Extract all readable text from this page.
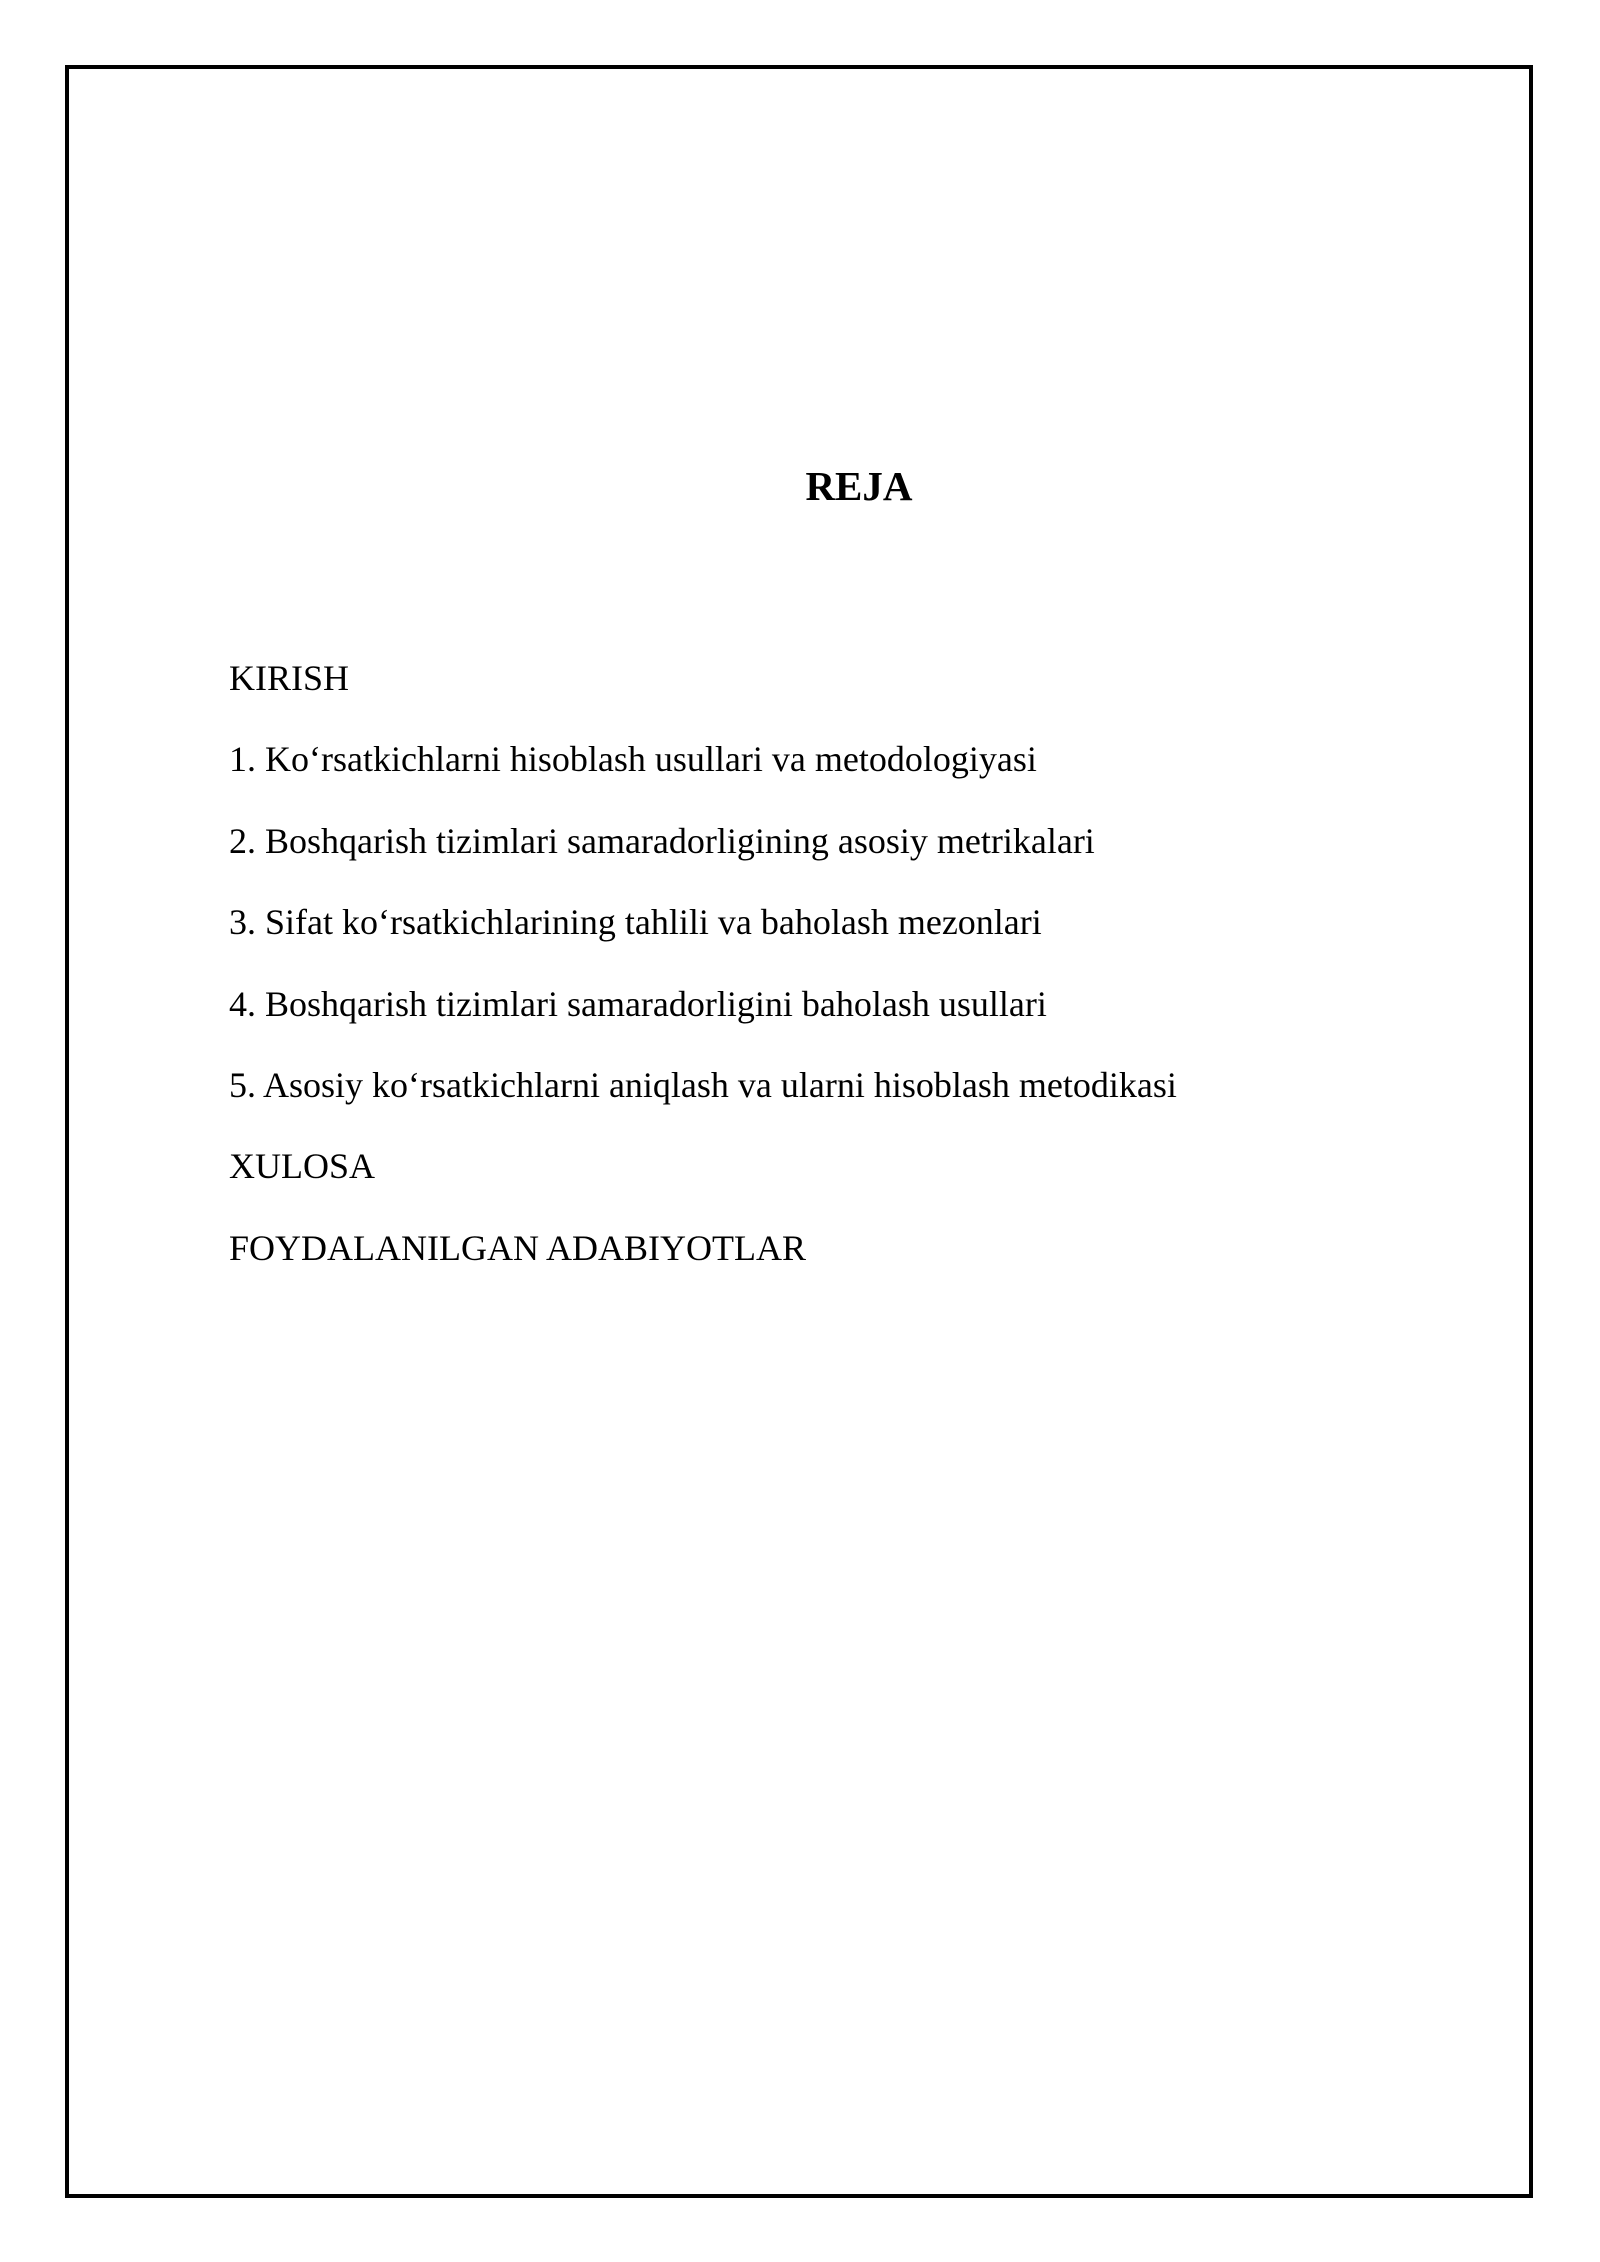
REJA
KIRISH
1. Ko‘rsatkichlarni hisoblash usullari va metodologiyasi
2. Boshqarish tizimlari samaradorligining asosiy metrikalari
3. Sifat ko‘rsatkichlarining tahlili va baholash mezonlari
4. Boshqarish tizimlari samaradorligini baholash usullari
5. Asosiy ko‘rsatkichlarni aniqlash va ularni hisoblash metodikasi
XULOSA
FOYDALANILGAN ADABIYOTLAR
